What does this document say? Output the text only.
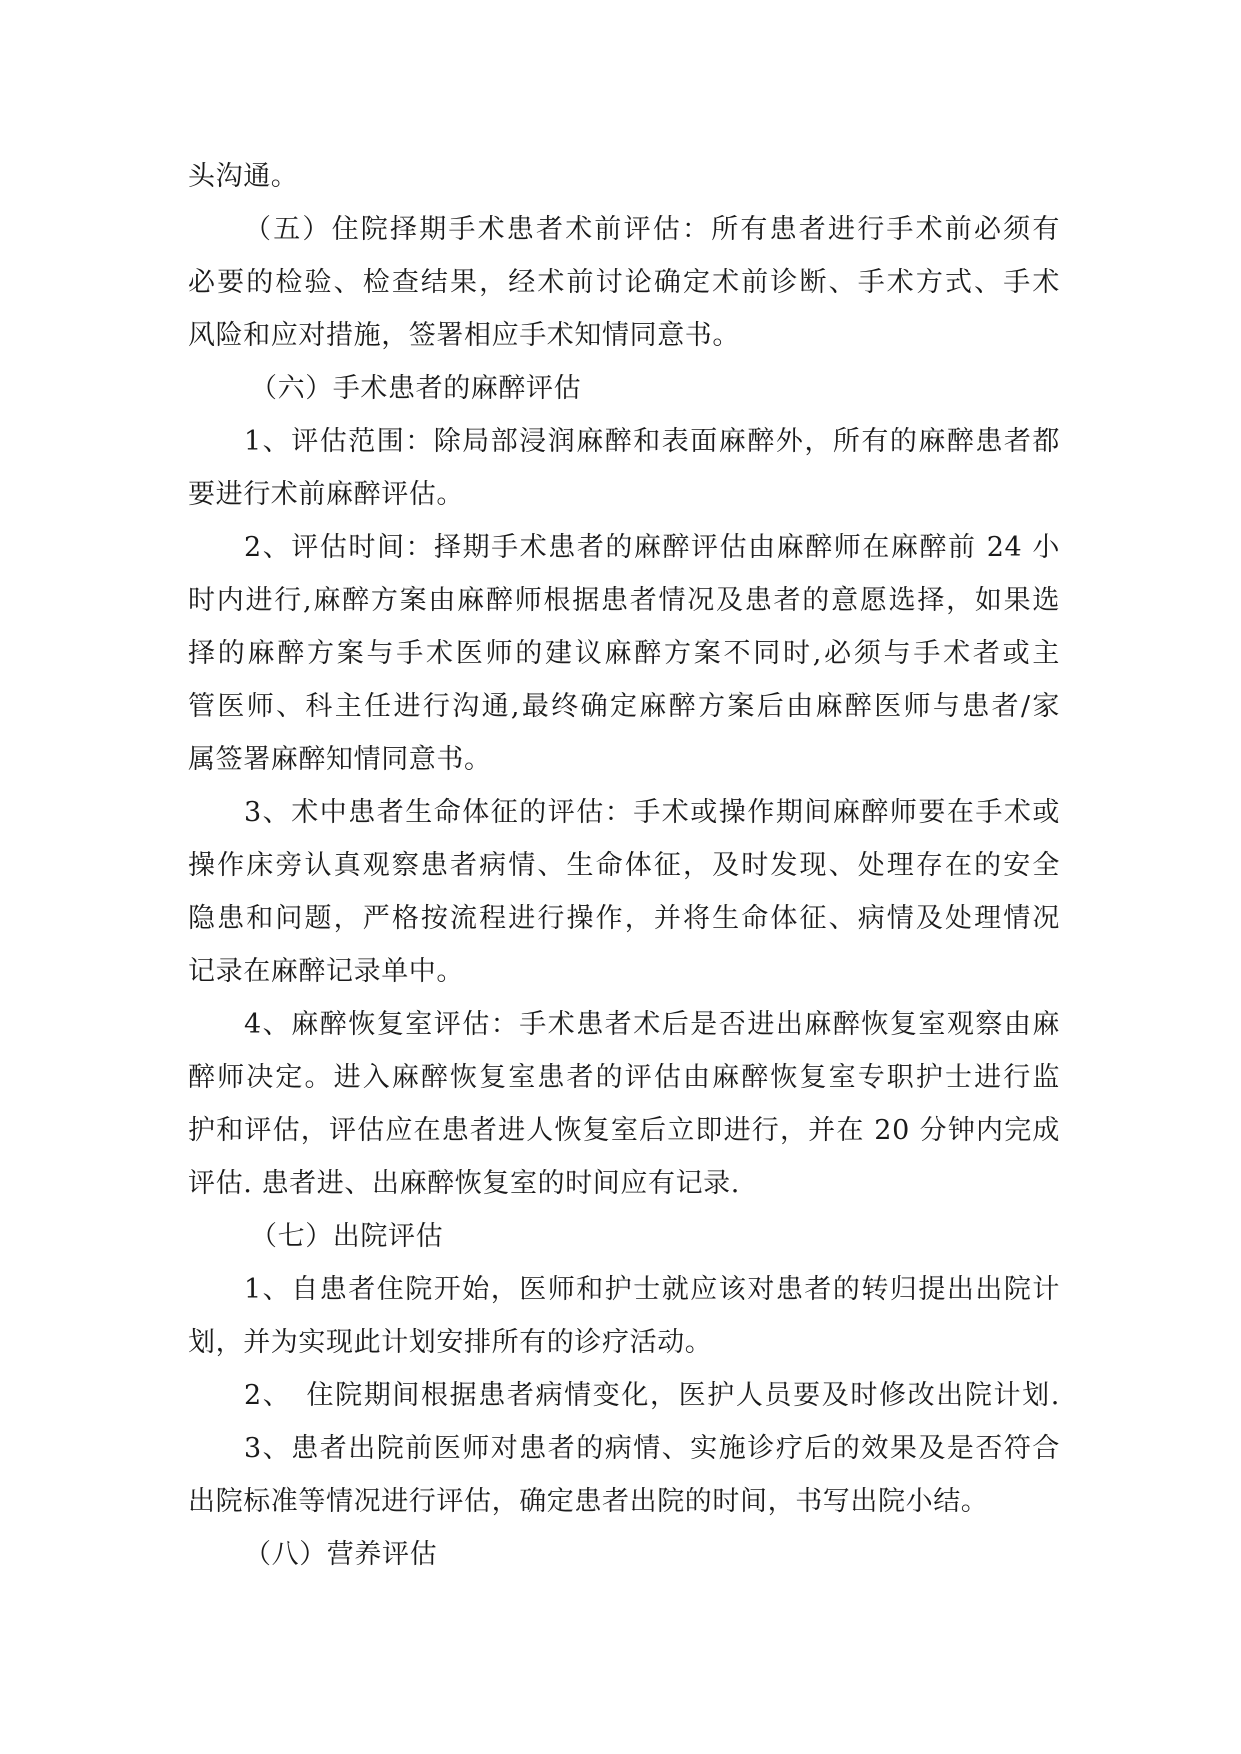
头沟通。
（五）住院择期手术患者术前评估：所有患者进行手术前必须有
必要的检验、检查结果，经术前讨论确定术前诊断、手术方式、手术
风险和应对措施，签署相应手术知情同意书。
（六）手术患者的麻醉评估
1、评估范围：除局部浸润麻醉和表面麻醉外，所有的麻醉患者都
要进行术前麻醉评估。
2、评估时间：择期手术患者的麻醉评估由麻醉师在麻醉前 24 小
时内进行,麻醉方案由麻醉师根据患者情况及患者的意愿选择，如果选
择的麻醉方案与手术医师的建议麻醉方案不同时,必须与手术者或主
管医师、科主任进行沟通,最终确定麻醉方案后由麻醉医师与患者/家
属签署麻醉知情同意书。
3、术中患者生命体征的评估：手术或操作期间麻醉师要在手术或
操作床旁认真观察患者病情、生命体征，及时发现、处理存在的安全
隐患和问题，严格按流程进行操作，并将生命体征、病情及处理情况
记录在麻醉记录单中。
4、麻醉恢复室评估：手术患者术后是否进出麻醉恢复室观察由麻
醉师决定。进入麻醉恢复室患者的评估由麻醉恢复室专职护士进行监
护和评估，评估应在患者进人恢复室后立即进行，并在 20 分钟内完成
评估. 患者进、出麻醉恢复室的时间应有记录.
（七）出院评估
1、自患者住院开始，医师和护士就应该对患者的转归提出出院计
划，并为实现此计划安排所有的诊疗活动。
2、　住院期间根据患者病情变化，医护人员要及时修改出院计划.
3、患者出院前医师对患者的病情、实施诊疗后的效果及是否符合
出院标准等情况进行评估，确定患者出院的时间，书写出院小结。
（八）营养评估
